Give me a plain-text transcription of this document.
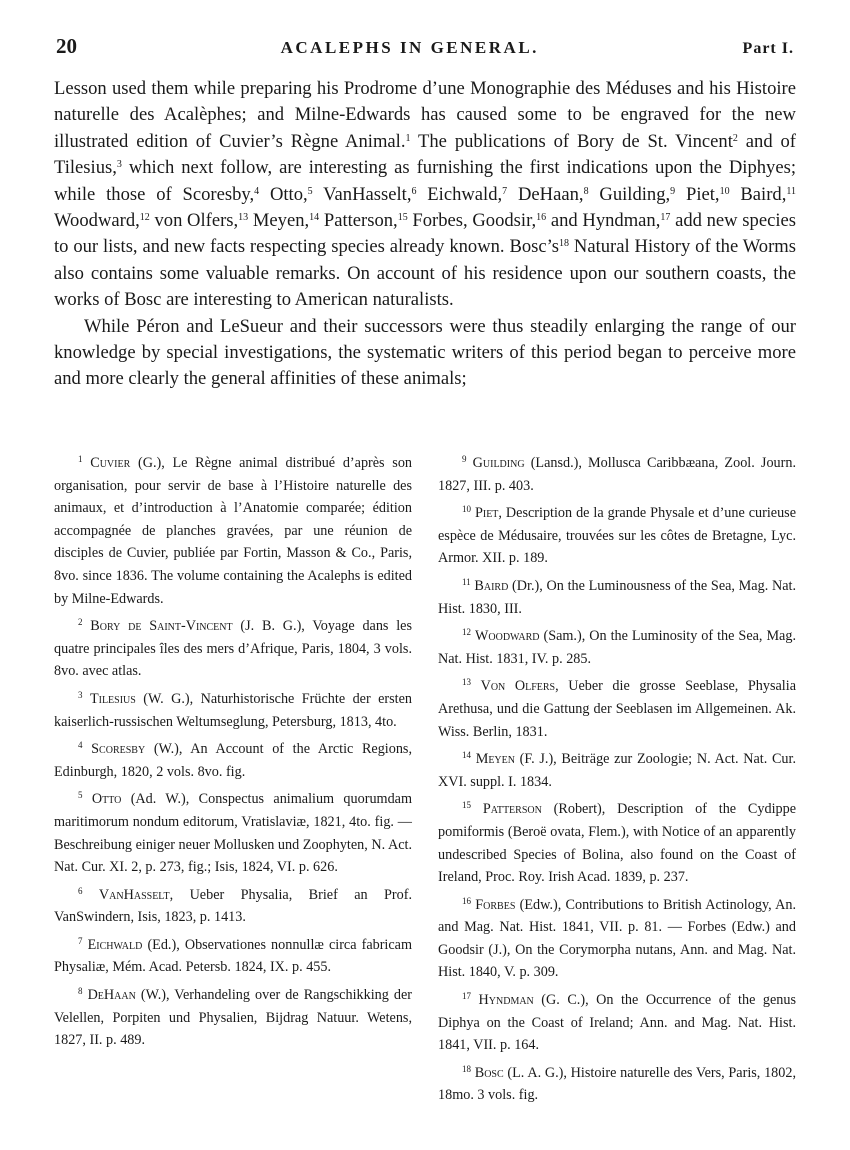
20	ACALEPHS IN GENERAL.	Part I.

Lesson used them while preparing his Prodrome d’une Monographie des Méduses and his Histoire naturelle des Acalèphes; and Milne-Edwards has caused some to be engraved for the new illustrated edition of Cuvier’s Règne Animal.$^1$ The publications of Bory de St. Vincent$^2$ and of Tilesius,$^3$ which next follow, are interesting as furnishing the first indications upon the Diphyes; while those of Scoresby,$^4$ Otto,$^5$ VanHasselt,$^6$ Eichwald,$^7$ DeHaan,$^8$ Guilding,$^9$ Piet,$^{10}$ Baird,$^{11}$ Woodward,$^{12}$ von Olfers,$^{13}$ Meyen,$^{14}$ Patterson,$^{15}$ Forbes, Goodsir,$^{16}$ and Hyndman,$^{17}$ add new species to our lists, and new facts respecting species already known. $Bosc’s^{18}$ Natural History of the Worms also contains some valuable remarks. On account of his residence upon our southern coasts, the works of Bosc are interesting to American naturalists.

While Péron and LeSueur and their successors were thus steadily enlarging the range of our knowledge by special investigations, the systematic writers of this period began to perceive more and more clearly the general affinities of these animals;

$^1$ Cuvier (G.), Le Règne animal distribué d’après son organisation, pour servir de base à l’Histoire naturelle des animaux, et d’introduction à l’Anatomie comparée; édition accompagnée de planches gravées, par une réunion de disciples de Cuvier, publiée par Fortin, Masson & Co., Paris, 8vo. since 1836. The volume containing the Acalephs is edited by Milne-Edwards.

$^2$ Bory de Saint-Vincent (J. B. G.), Voyage dans les quatre principales îles des mers d’Afrique, Paris, 1804, 3 vols. 8vo. avec atlas.

$^3$ Tilesius (W. G.), Naturhistorische Früchte der ersten kaiserlich-russischen Weltumseglung, Petersburg, 1813, 4to.

$^4$ Scoresby (W.), An Account of the Arctic Regions, Edinburgh, 1820, 2 vols. 8vo. fig.

$^5$ Otto (Ad. W.), Conspectus animalium quorumdam maritimorum nondum editorum, Vratislaviæ, 1821, 4to. fig. — Beschreibung einiger neuer Mollusken und Zoophyten, N. Act. Nat. Cur. XI. 2, p. 273, fig.; Isis, 1824, VI. p. 626.

$^6$ VanHasselt, Ueber Physalia, Brief an Prof. VanSwindern, Isis, 1823, p. 1413.

$^7$ Eichwald (Ed.), Observationes nonnullæ circa fabricam Physaliæ, Mém. Acad. Petersb. 1824, IX. p. 455.

$^8$ DeHaan (W.), Verhandeling over de Rangschikking der Velellen, Porpiten und Physalien, Bijdrag Natuur. Wetens, 1827, II. p. 489.

$^9$ Guilding (Lansd.), Mollusca Caribbæana, Zool. Journ. 1827, III. p. 403.

$^{10}$ Piet, Description de la grande Physale et d’une curieuse espèce de Médusaire, trouvées sur les côtes de Bretagne, Lyc. Armor. XII. p. 189.

$^{11}$ Baird (Dr.), On the Luminousness of the Sea, Mag. Nat. Hist. 1830, III.

$^{12}$ Woodward (Sam.), On the Luminosity of the Sea, Mag. Nat. Hist. 1831, IV. p. 285.

$^{13}$ Von Olfers, Ueber die grosse Seeblase, Physalia Arethusa, und die Gattung der Seeblasen im Allgemeinen. Ak. Wiss. Berlin, 1831.

$^{14}$ Meyen (F. J.), Beiträge zur Zoologie; N. Act. Nat. Cur. XVI. suppl. I. 1834.

$^{15}$ Patterson (Robert), Description of the Cydippe pomiformis (Beroë ovata, Flem.), with Notice of an apparently undescribed Species of Bolina, also found on the Coast of Ireland, Proc. Roy. Irish Acad. 1839, p. 237.

$^{16}$ Forbes (Edw.), Contributions to British Actinology, An. and Mag. Nat. Hist. 1841, VII. p. 81. — Forbes (Edw.) and Goodsir (J.), On the Corymorpha nutans, Ann. and Mag. Nat. Hist. 1840, V. p. 309.

$^{17}$ Hyndman (G. C.), On the Occurrence of the genus Diphya on the Coast of Ireland; Ann. and Mag. Nat. Hist. 1841, VII. p. 164.

$^{18}$ Bosc (L. A. G.), Histoire naturelle des Vers, Paris, 1802, 18mo. 3 vols. fig.
